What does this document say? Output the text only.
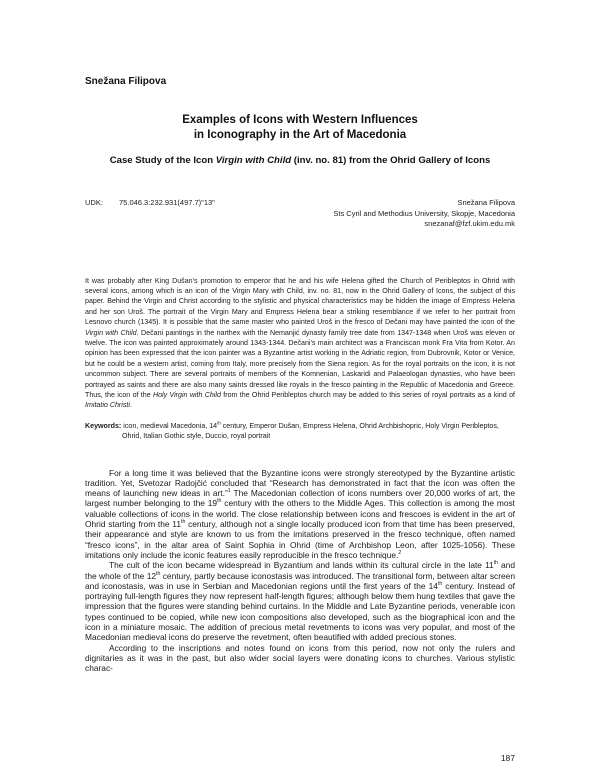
Snežana Filipova
Examples of Icons with Western Influences
in Iconography in the Art of Macedonia
Case Study of the Icon Virgin with Child (inv. no. 81) from the Ohrid Gallery of Icons
UDK: 75.046.3:232.931(497.7)"13"	Snežana Filipova
Sts Cyril and Methodius University, Skopje, Macedonia
snezanaf@fzf.ukim.edu.mk
It was probably after King Dušan’s promotion to emperor that he and his wife Helena gifted the Church of Peribleptos in Ohrid with several icons, among which is an icon of the Virgin Mary with Child, inv. no. 81, now in the Ohrid Gallery of Icons, the subject of this paper. Behind the Virgin and Christ according to the stylistic and physical characteristics may be hidden the image of Empress Helena and her son Uroš. The portrait of the Virgin Mary and Empress Helena bear a striking resemblance if we refer to her portrait from Lesnovo church (1345). It is possible that the same master who painted Uroš in the fresco of Dečani may have painted the icon of the Virgin with Child. Dečani paintings in the narthex with the Nemanjić dynasty family tree date from 1347-1348 when Uroš was eleven or twelve. The icon was painted approximately around 1343-1344. Dečani’s main architect was a Franciscan monk Fra Vita from Kotor. An opinion has been expressed that the icon painter was a Byzantine artist working in the Adriatic region, from Dubrovnik, Kotor or Venice, but he could be a western artist, coming from Italy, more precisely from the Siena region. As for the royal portraits on the icon, it is not uncommon subject. There are several portraits of members of the Komnenian, Laskaridi and Palaeologan dynasties, who have been portrayed as saints and there are also many saints dressed like royals in the fresco painting in the Republic of Macedonia and Greece. Thus, the icon of the Holy Virgin with Child from the Ohrid Peribleptos church may be added to this series of royal portraits as a kind of Imitatio Christi.
Keywords: icon, medieval Macedonia, 14th century, Emperor Dušan, Empress Helena, Ohrid Archbishopric, Holy Virgin Peribleptos, Ohrid, Italian Gothic style, Duccio, royal portrait

For a long time it was believed that the Byzantine icons were strongly stereotyped by the Byzantine artistic tradition. Yet, Svetozar Radojčić concluded that “Research has demonstrated in fact that the icon was often the means of launching new ideas in art.”$^1$ The Macedonian collection of icons numbers over 20,000 works of art, the largest number belonging to the 19th century with the others to the Middle Ages. This collection is among the most valuable collections of icons in the world. The close relationship between icons and frescoes is evident in the art of Ohrid starting from the 11th century, although not a single locally produced icon from that time has been preserved, their appearance and style are known to us from the imitations preserved in the fresco technique, often named “fresco icons”, in the altar area of Saint Sophia in Ohrid (time of Archbishop Leon, after 1025-1056). These imitations only include the iconic features easily reproducible in the fresco technique.$^2$

The cult of the icon became widespread in Byzantium and lands within its cultural circle in the late 11th and the whole of the 12th century, partly because iconostasis was introduced. The transitional form, between altar screen and iconostasis, was in use in Serbian and Macedonian regions until the first years of the 14th century. Instead of portraying full-length figures they now represent half-length figures; although below them hung textiles that gave the impression that the figures were standing behind curtains. In the Middle and Late Byzantine periods, venerable icon types continued to be copied, while new icon compositions also developed, such as the biographical icon and the icon in a miniature mosaic. The addition of precious metal revetments to icons was very popular, and most of the Macedonian medieval icons do preserve the revetment, often beautified with added precious stones.

According to the inscriptions and notes found on icons from this period, now not only the rulers and dignitaries as it was in the past, but also wider social layers were donating icons to churches. Various stylistic charac-

187
